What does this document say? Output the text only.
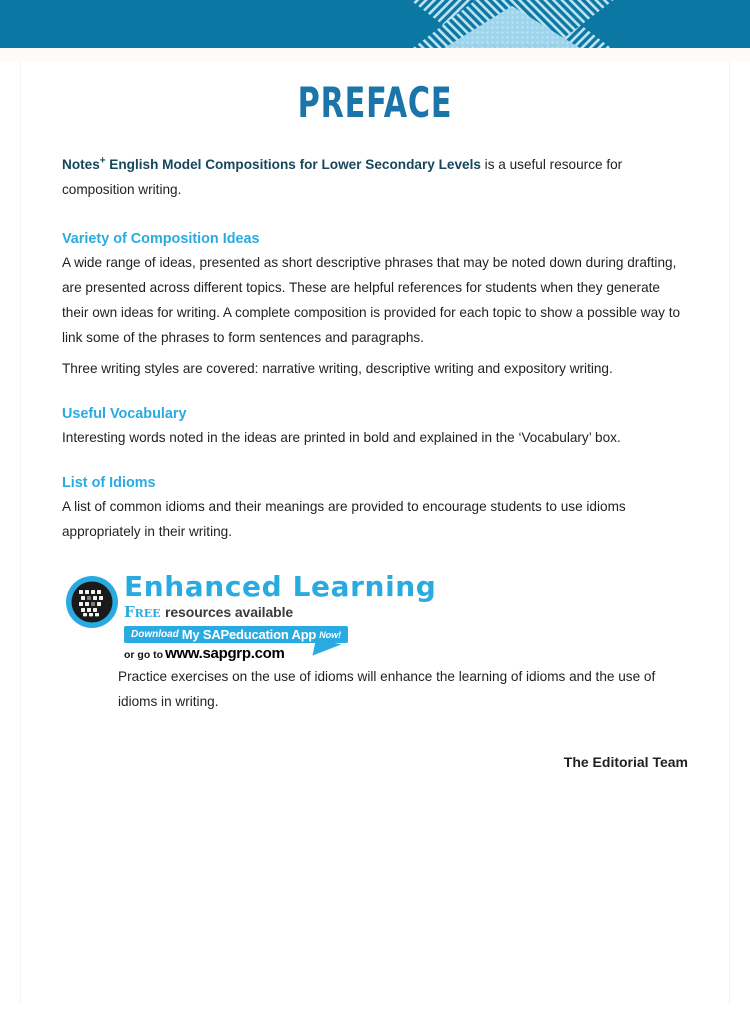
PREFACE

Notes+ English Model Compositions for Lower Secondary Levels is a useful resource for composition writing.

Variety of Composition Ideas

A wide range of ideas, presented as short descriptive phrases that may be noted down during drafting, are presented across different topics. These are helpful references for students when they generate their own ideas for writing. A complete composition is provided for each topic to show a possible way to link some of the phrases to form sentences and paragraphs.

Three writing styles are covered: narrative writing, descriptive writing and expository writing.

Useful Vocabulary

Interesting words noted in the ideas are printed in bold and explained in the ‘Vocabulary’ box.

List of Idioms

A list of common idioms and their meanings are provided to encourage students to use idioms appropriately in their writing.

Enhanced Learning
Free resources available
Download My SAPeducation App Now!
or go to www.sapgrp.com

Practice exercises on the use of idioms will enhance the learning of idioms and the use of idioms in writing.

The Editorial Team
